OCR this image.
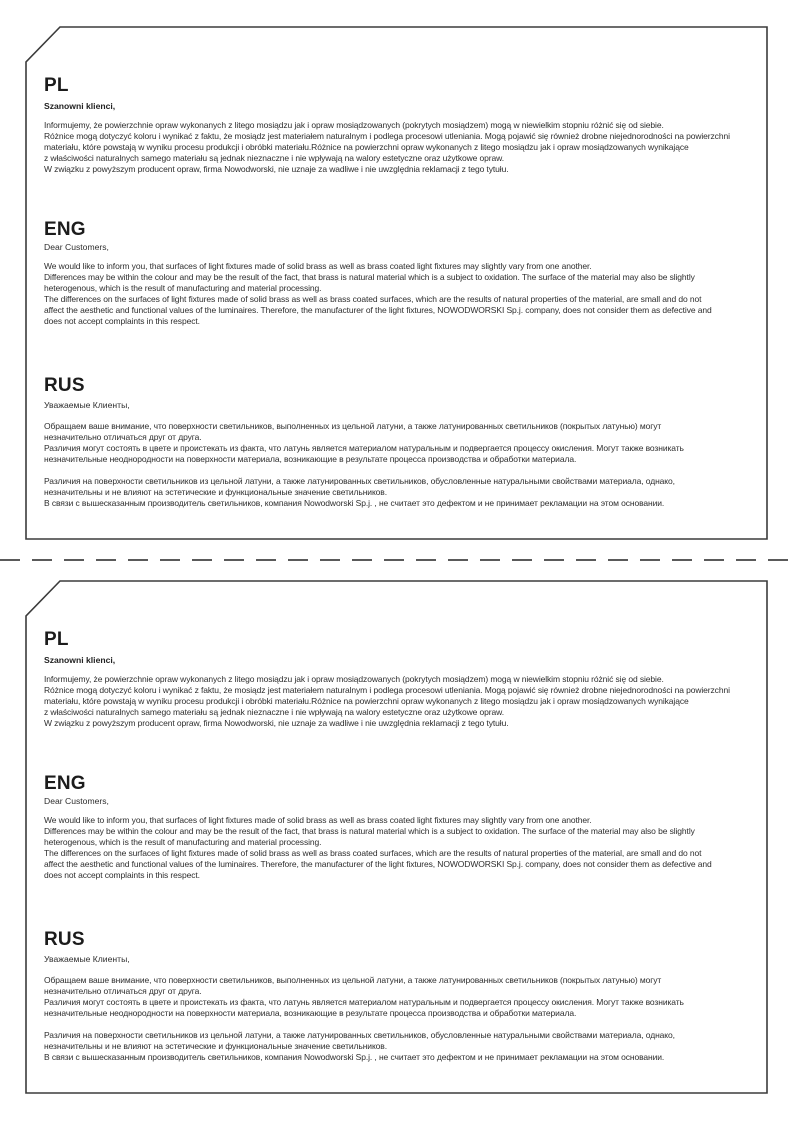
PL
Szanowni klienci,
Informujemy, że powierzchnie opraw wykonanych z litego mosiądzu jak i opraw mosiądzowanych (pokrytych mosiądzem) mogą w niewielkim stopniu różnić się od siebie.
Różnice mogą dotyczyć koloru i wynikać z faktu, że mosiądz jest materiałem naturalnym i podlega procesowi utleniania. Mogą pojawić się również drobne niejednorodności na powierzchni
materiału, które powstają w wyniku procesu produkcji i obróbki materiału.Różnice na powierzchni opraw wykonanych z litego mosiądzu jak i opraw mosiądzowanych wynikające
z właściwości naturalnych samego materiału są jednak nieznaczne i nie wpływają na walory estetyczne oraz użytkowe opraw.
W związku z powyższym producent opraw, firma Nowodworski, nie uznaje za wadliwe i nie uwzględnia reklamacji z tego tytułu.
ENG
Dear Customers,
We would like to inform you, that surfaces of light fixtures made of solid brass as well as brass coated light fixtures may slightly vary from one another.
Differences may be within the colour and may be the result of the fact, that brass is natural material which is a subject to oxidation. The surface of the material may also be slightly
heterogenous, which is the result of manufacturing and material processing.
The differences on the surfaces of light fixtures made of solid brass as well as brass coated surfaces, which are the results of natural properties of the material, are small and do not
affect the aesthetic and functional values of the luminaires. Therefore, the manufacturer of the light fixtures, NOWODWORSKI Sp.j. company, does not consider them as defective and
does not accept complaints in this respect.
RUS
Уважаемые Клиенты,
Обращаем ваше внимание, что поверхности светильников, выполненных из цельной латуни, а также латунированных светильников (покрытых латунью) могут
незначительно отличаться друг от друга.
Различия могут состоять в цвете и проистекать из факта, что латунь является материалом натуральным и подвергается процессу окисления. Могут также возникать
незначительные неоднородности на поверхности материала, возникающие в результате процесса производства и обработки материала.
Различия на поверхности светильников из цельной латуни, а также латунированных светильников, обусловленные натуральными свойствами материала, однако,
незначительны и не влияют на эстетические и функциональные значение светильников.
В связи с вышесказанным производитель светильников, компания Nowodworski Sp.j. , не считает это дефектом и не принимает рекламации на этом основании.
PL
Szanowni klienci,
Informujemy, że powierzchnie opraw wykonanych z litego mosiądzu jak i opraw mosiądzowanych (pokrytych mosiądzem) mogą w niewielkim stopniu różnić się od siebie.
Różnice mogą dotyczyć koloru i wynikać z faktu, że mosiądz jest materiałem naturalnym i podlega procesowi utleniania. Mogą pojawić się również drobne niejednorodności na powierzchni
materiału, które powstają w wyniku procesu produkcji i obróbki materiału.Różnice na powierzchni opraw wykonanych z litego mosiądzu jak i opraw mosiądzowanych wynikające
z właściwości naturalnych samego materiału są jednak nieznaczne i nie wpływają na walory estetyczne oraz użytkowe opraw.
W związku z powyższym producent opraw, firma Nowodworski, nie uznaje za wadliwe i nie uwzględnia reklamacji z tego tytułu.
ENG
Dear Customers,
We would like to inform you, that surfaces of light fixtures made of solid brass as well as brass coated light fixtures may slightly vary from one another.
Differences may be within the colour and may be the result of the fact, that brass is natural material which is a subject to oxidation. The surface of the material may also be slightly
heterogenous, which is the result of manufacturing and material processing.
The differences on the surfaces of light fixtures made of solid brass as well as brass coated surfaces, which are the results of natural properties of the material, are small and do not
affect the aesthetic and functional values of the luminaires. Therefore, the manufacturer of the light fixtures, NOWODWORSKI Sp.j. company, does not consider them as defective and
does not accept complaints in this respect.
RUS
Уважаемые Клиенты,
Обращаем ваше внимание, что поверхности светильников, выполненных из цельной латуни, а также латунированных светильников (покрытых латунью) могут
незначительно отличаться друг от друга.
Различия могут состоять в цвете и проистекать из факта, что латунь является материалом натуральным и подвергается процессу окисления. Могут также возникать
незначительные неоднородности на поверхности материала, возникающие в результате процесса производства и обработки материала.
Различия на поверхности светильников из цельной латуни, а также латунированных светильников, обусловленные натуральными свойствами материала, однако,
незначительны и не влияют на эстетические и функциональные значение светильников.
В связи с вышесказанным производитель светильников, компания Nowodworski Sp.j. , не считает это дефектом и не принимает рекламации на этом основании.
